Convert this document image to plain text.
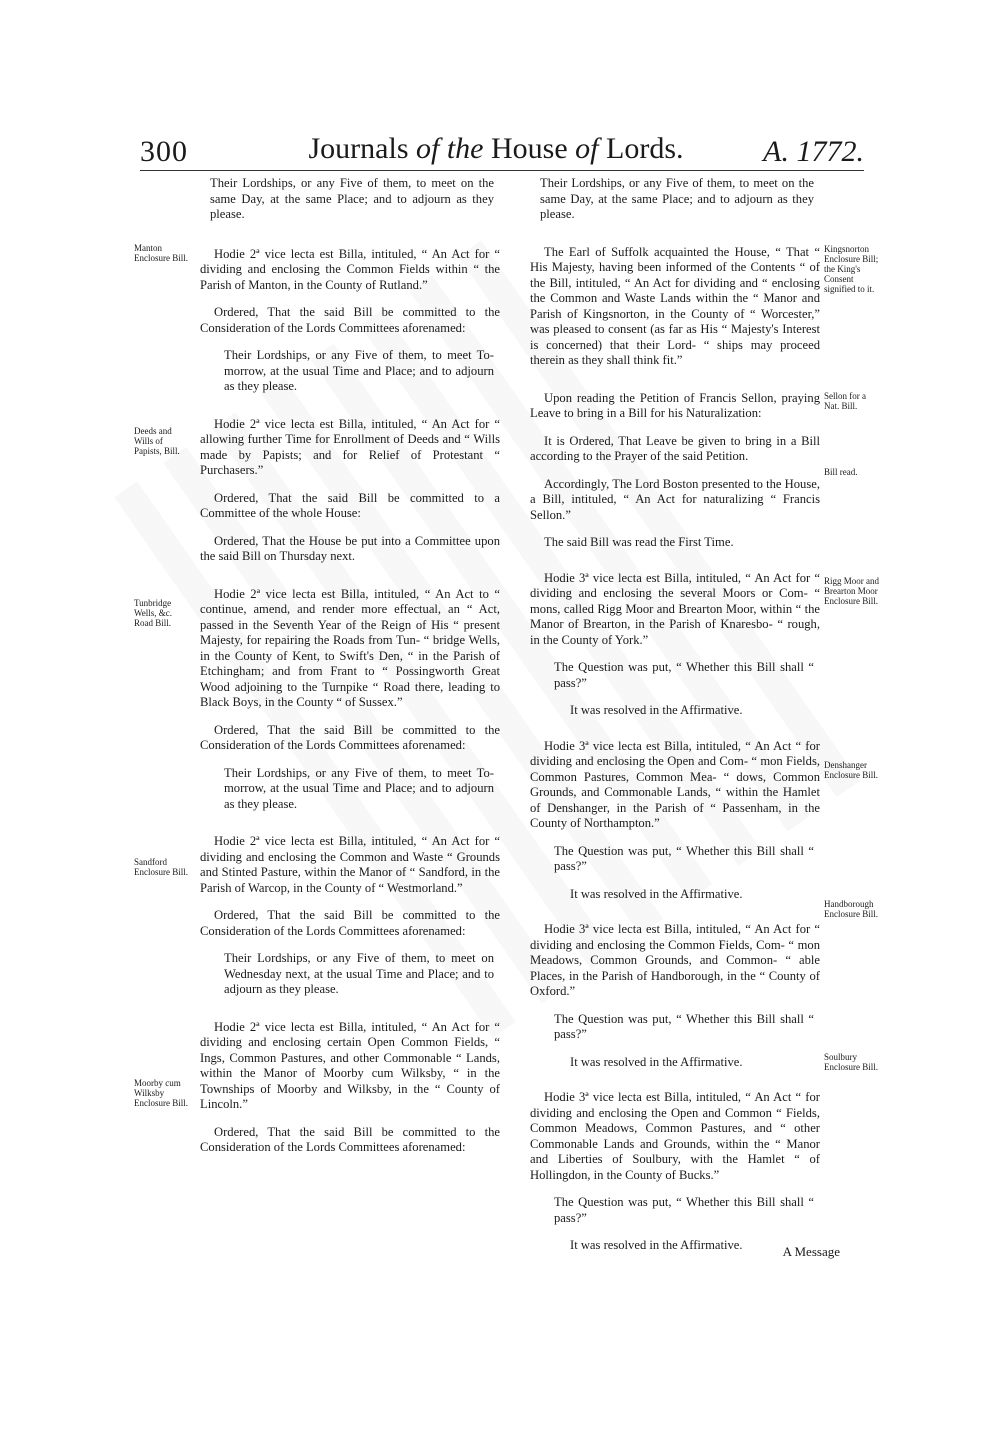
300	Journals of the House of Lords.	A. 1772.

Their Lordships, or any Five of them, to meet on the same Day, at the same Place; and to adjourn as they please.

Hodie 2ª vice lecta est Billa, intituled, “ An Act for “ dividing and enclosing the Common Fields within “ the Parish of Manton, in the County of Rutland.”

Ordered, That the said Bill be committed to the Consideration of the Lords Committees aforenamed:

Their Lordships, or any Five of them, to meet To-morrow, at the usual Time and Place; and to adjourn as they please.

Hodie 2ª vice lecta est Billa, intituled, “ An Act for “ allowing further Time for Enrollment of Deeds and “ Wills made by Papists; and for Relief of Protestant “ Purchasers.”

Ordered, That the said Bill be committed to a Committee of the whole House:

Ordered, That the House be put into a Committee upon the said Bill on Thursday next.

Hodie 2ª vice lecta est Billa, intituled, “ An Act to “ continue, amend, and render more effectual, an “ Act, passed in the Seventh Year of the Reign of His “ present Majesty, for repairing the Roads from Tun- “ bridge Wells, in the County of Kent, to Swift's Den, “ in the Parish of Etchingham; and from Frant to “ Possingworth Great Wood adjoining to the Turnpike “ Road there, leading to Black Boys, in the County “ of Sussex.”

Ordered, That the said Bill be committed to the Consideration of the Lords Committees aforenamed:

Their Lordships, or any Five of them, to meet To-morrow, at the usual Time and Place; and to adjourn as they please.

Hodie 2ª vice lecta est Billa, intituled, “ An Act for “ dividing and enclosing the Common and Waste “ Grounds and Stinted Pasture, within the Manor of “ Sandford, in the Parish of Warcop, in the County of “ Westmorland.”

Ordered, That the said Bill be committed to the Consideration of the Lords Committees aforenamed:

Their Lordships, or any Five of them, to meet on Wednesday next, at the usual Time and Place; and to adjourn as they please.

Hodie 2ª vice lecta est Billa, intituled, “ An Act for “ dividing and enclosing certain Open Common Fields, “ Ings, Common Pastures, and other Commonable “ Lands, within the Manor of Moorby cum Wilksby, “ in the Townships of Moorby and Wilksby, in the “ County of Lincoln.”

Ordered, That the said Bill be committed to the Consideration of the Lords Committees aforenamed:

Their Lordships, or any Five of them, to meet on the same Day, at the same Place; and to adjourn as they please.

The Earl of Suffolk acquainted the House, “ That “ His Majesty, having been informed of the Contents “ of the Bill, intituled, “ An Act for dividing and “ enclosing the Common and Waste Lands within the “ Manor and Parish of Kingsnorton, in the County of “ Worcester,” was pleased to consent (as far as His “ Majesty's Interest is concerned) that their Lord- “ ships may proceed therein as they shall think fit.”

Upon reading the Petition of Francis Sellon, praying Leave to bring in a Bill for his Naturalization:

It is Ordered, That Leave be given to bring in a Bill according to the Prayer of the said Petition.

Accordingly, The Lord Boston presented to the House, a Bill, intituled, “ An Act for naturalizing “ Francis Sellon.”

The said Bill was read the First Time.

Hodie 3ª vice lecta est Billa, intituled, “ An Act for “ dividing and enclosing the several Moors or Com- “ mons, called Rigg Moor and Brearton Moor, within “ the Manor of Brearton, in the Parish of Knaresbo- “ rough, in the County of York.”

The Question was put, “ Whether this Bill shall “ pass?”

It was resolved in the Affirmative.

Hodie 3ª vice lecta est Billa, intituled, “ An Act “ for dividing and enclosing the Open and Com- “ mon Fields, Common Pastures, Common Mea- “ dows, Common Grounds, and Commonable Lands, “ within the Hamlet of Denshanger, in the Parish of “ Passenham, in the County of Northampton.”

The Question was put, “ Whether this Bill shall “ pass?”

It was resolved in the Affirmative.

Hodie 3ª vice lecta est Billa, intituled, “ An Act for “ dividing and enclosing the Common Fields, Com- “ mon Meadows, Common Grounds, and Common- “ able Places, in the Parish of Handborough, in the “ County of Oxford.”

The Question was put, “ Whether this Bill shall “ pass?”

It was resolved in the Affirmative.

Hodie 3ª vice lecta est Billa, intituled, “ An Act “ for dividing and enclosing the Open and Common “ Fields, Common Meadows, Common Pastures, and “ other Commonable Lands and Grounds, within the “ Manor and Liberties of Soulbury, with the Hamlet “ of Hollingdon, in the County of Bucks.”

The Question was put, “ Whether this Bill shall “ pass?”

It was resolved in the Affirmative.

Manton Enclosure Bill.
Deeds and Wills of Papists, Bill.
Tunbridge Wells, &c. Road Bill.
Sandford Enclosure Bill.
Moorby cum Wilksby Enclosure Bill.
Kingsnorton Enclosure Bill; the King's Consent signified to it.
Sellon for a Nat. Bill.
Bill read.
Rigg Moor and Brearton Moor Enclosure Bill.
Denshanger Enclosure Bill.
Handborough Enclosure Bill.
Soulbury Enclosure Bill.
A Message
